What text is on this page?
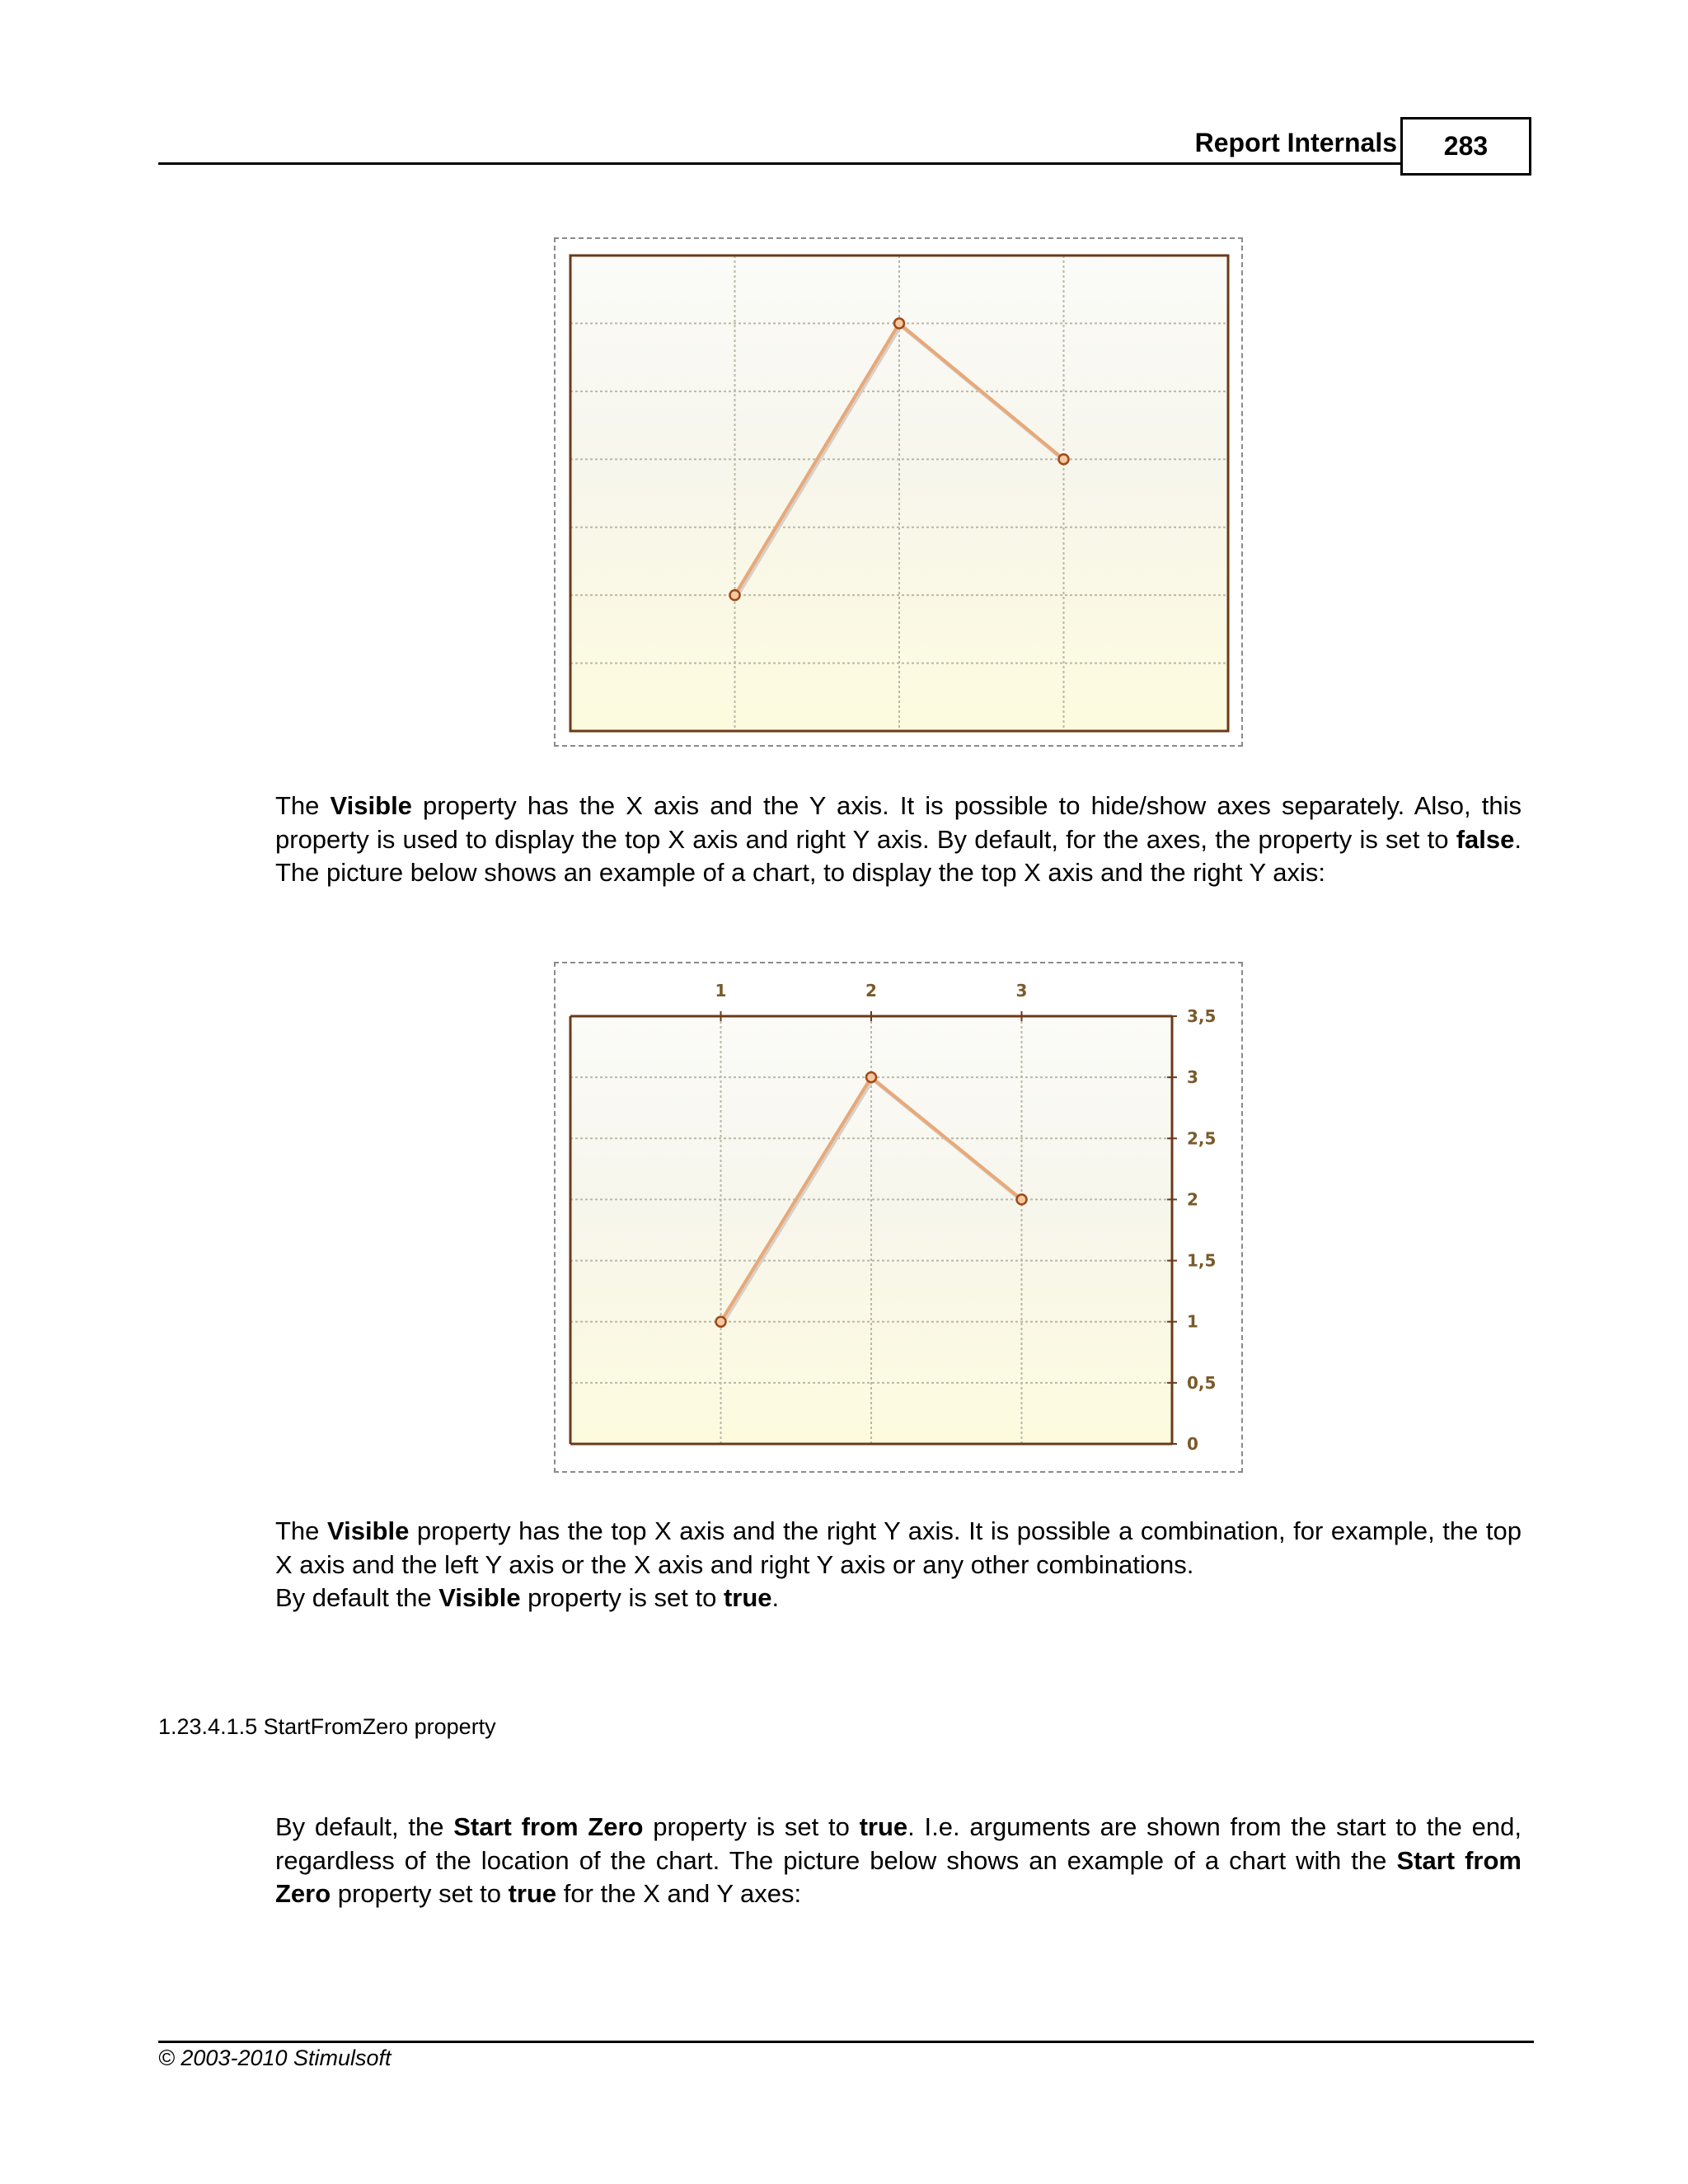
Report Internals 283

The Visible property has the X axis and the Y axis. It is possible to hide/show axes separately. Also, this property is used to display the top X axis and right Y axis. By default, for the axes, the property is set to false. The picture below shows an example of a chart, to display the top X axis and the right Y axis:

1	2	3
0
0,5
1
1,5
2
2,5
3
3,5

The Visible property has the top X axis and the right Y axis. It is possible a combination, for example, the top X axis and the left Y axis or the X axis and right Y axis or any other combinations.

By default the Visible property is set to true.

1.23.4.1.5 StartFromZero property

By default, the Start from Zero property is set to true. I.e. arguments are shown from the start to the end, regardless of the location of the chart. The picture below shows an example of a chart with the Start from Zero property set to true for the X and Y axes:

© 2003-2010 Stimulsoft
